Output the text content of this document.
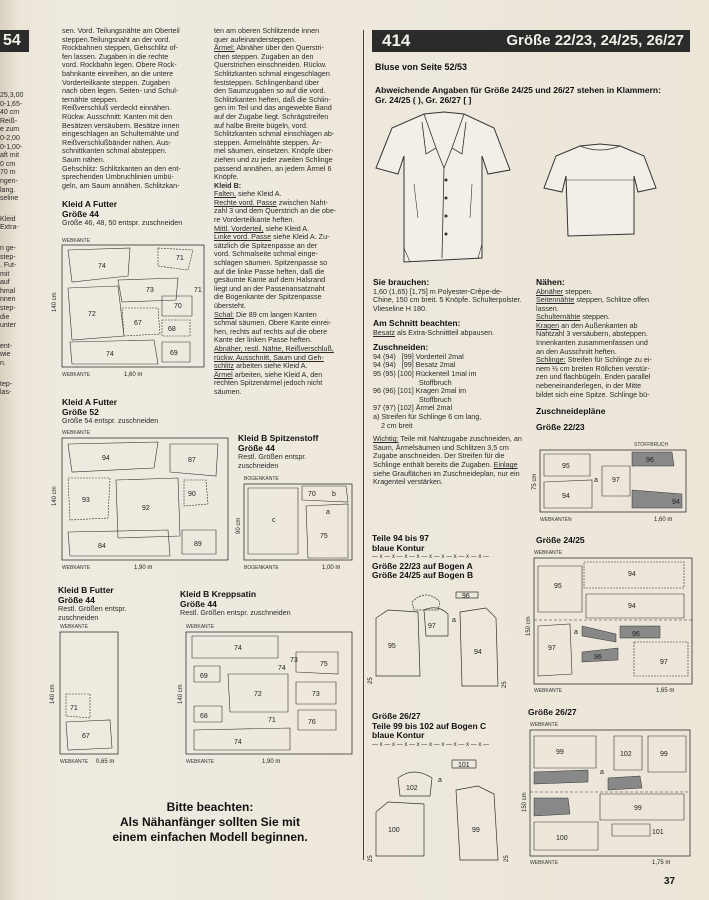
54
25,3,00
0-1,65-
40 cm
Reiß-
e zum
0-2,00
0-1,00-
aft mit
0 cm
70 m
ngen-
lang.
seline
Kleid
Extra-
n ge-
step-
. Fut-
mit
auf
hmal
nnen
step-
die
unter
ent-
wie
n.
tep-
las-
sen. Vord. Teilungsnähte am Oberteil
steppen.Teilungsnaht an der vord.
Rockbahnen steppen, Gehschlitz of-
fen lassen. Zugaben in die rechte
vord. Rockbahn legen. Obere Rock-
bahnkante einreihen, an die untere
Vorderteilkante steppen. Zugaben
nach oben legen. Seiten- und Schul-
ternähte steppen.
Reißverschluß verdeckt einnähen.
Rückw. Ausschnitt: Kanten mit den
Besätzen versäubern. Besätze innen
eingeschlagen an Schulternähte und
Reißverschlußbänder nähen. Aus-
schnittkanten schmal absteppen.
Saum nähen.
Gehschlitz: Schlitzkanten an den ent-
sprechenden Umbruchlinien umbü-
geln, am Saum annähen. Schlitzkan-
Kleid A Futter
Größe 44
Größe 46, 48, 50 entspr. zuschneiden
WEBKANTE
74
71
73
72
70
67
68
74	69
71
140 cm
WEBKANTE	1,60 m
Kleid A Futter
Größe 52
Größe 54 entspr. zuschneiden
WEBKANTE
94	87
90
92
93
84	89
140 cm
WEBKANTE	1,90 m
Kleid B Futter
Größe 44
Restl. Größen entspr. zuschneiden
WEBKANTE
71
67
140 cm
WEBKANTE 0,65 m
ten am oberen Schlitzende innen
quer aufeinandersteppen.
Ärmel: Abnäher über den Querstri-
chen steppen. Zugaben an den
Querstrichen einschneiden. Rückw.
Schlitzkanten schmal eingeschlagen
feststeppen. Schlingenband über
den Saumzugaben so auf die vord.
Schlitzkanten heften, daß die Schlin-
gen im Teil und das angewebte Band
auf der Zugabe liegt. Schrägstreifen
auf halbe Breite bügeln, vord.
Schlitzkanten schmal einschlagen ab-
steppen. Ärmelnähte steppen. Är-
mel säumen, einsetzen. Knöpfe über-
ziehen und zu jeder zweiten Schlinge
passend annähen, an jedem Ärmel 6
Knöpfe.
Kleid B:
Falten, siehe Kleid A.
Rechte vord. Passe zwischen Naht-
zahl 3 und dem Querstrich an die obe-
re Vorderteilkante heften.
Mittl. Vorderteil, siehe Kleid A.
Linke vord. Passe siehe Kleid A. Zu-
sätzlich die Spitzenpasse an der
vord. Schmalseite schmal einge-
schlagen säumen. Spitzenpasse so
auf die linke Passe heften, daß die
gesäumte Kante auf dem Halsrand
liegt und an der Passenansatznaht
die Bogenkante der Spitzenpasse
übersteht.
Schal: Die 89 cm langen Kanten
schmal säumen. Obere Kante einrei-
hen, rechts auf rechts auf die obere
Kante der linken Passe heften.
Abnäher, restl. Nähte, Reißverschluß,
rückw. Ausschnitt, Saum und Geh-
schlitz arbeiten siehe Kleid A.
Ärmel arbeiten, siehe Kleid A, den
rechten Spitzenärmel jedoch nicht
säumen.
Kleid B Spitzenstoff
Größe 44
Restl. Größen entspr.
zuschneiden
BOGENKANTE
70 b
c
a
75
90 cm
BOGENKANTE	1,00 m
Kleid B Kreppsatin
Größe 44
Restl. Größen entspr. zuschneiden
WEBKANTE
74
75
69
73
72
68
74
76
74
71
73
140 cm
WEBKANTE	1,90 m
Bitte beachten:
Als Nähanfänger sollten Sie mit
einem einfachen Modell beginnen.
414	Größe 22/23, 24/25, 26/27
Bluse von Seite 52/53
Abweichende Angaben für Größe 24/25 und 26/27 stehen in Klammern: Gr. 24/25 ( ), Gr. 26/27 [ ]
Sie brauchen:
1,60 (1,65) [1,75] m Polyester-Crêpe-de-Chine, 150 cm breit. 5 Knöpfe. Schulterpolster. Vlieseline H 180.
Am Schnitt beachten:
Besatz als Extra-Schnittteil abpausen.
Zuschneiden:
94 (94)   [99] Vorderteil 2mal
94 (94)   [99] Besatz 2mal
95 (95) [100] Rückenteil 1mal im
Stoffbruch
96 (96) [101] Kragen 2mal im
Stoffbruch
97 (97) [102] Ärmel 2mal
a) Streifen für Schlinge 6 cm lang,
2 cm breit
Wichtig: Teile mit Nahtzugabe zuschneiden, an Saum, Ärmelsäumen und Schlitzen 3,5 cm Zugabe anschneiden. Der Streifen für die Schlinge enthält bereits die Zugaben. Einlage siehe Grauflächen im Zuschneideplan, nur ein Kragenteil verstärken.
Nähen:
Abnäher steppen.
Seitennähte steppen, Schlitze offen
lassen.
Schulternähte steppen.
Kragen an den Außenkanten ab
Nahtzahl 3 versäubern, absteppen.
Innenkanten zusammenfassen und
an den Ausschnitt heften.
Schlinge: Streifen für Schlinge zu ei-
nem ½ cm breiten Röllchen verstür-
zen und flachbügeln. Enden parallel
nebeneinanderlegen, in der Mitte
bildet sich eine Spitze. Schlinge bü-
Zuschneidepläne
Größe 22/23
STOFFBRUCH
95
96
97
a
94
94
75 cm
WEBKANTEN	1,60 m
Teile 94 bis 97
blaue Kontur
— x — x — x — x — x — x — x — x — x —
Größe 22/23 auf Bogen A
Größe 24/25 auf Bogen B
96
97
95
94
a
25
25
Größe 26/27
Teile 99 bis 102 auf Bogen C
blaue Kontur
— x — x — x — x — x — x — x — x — x —
101
102
100	99
a
25	25
Größe 24/25
WEBKANTE
94
95
94
97
a	96
96
97
150 cm
WEBKANTE	1,65 m
Größe 26/27
WEBKANTE
99	102	99
a
101
100
99
150 cm
WEBKANTE	1,75 m
37
